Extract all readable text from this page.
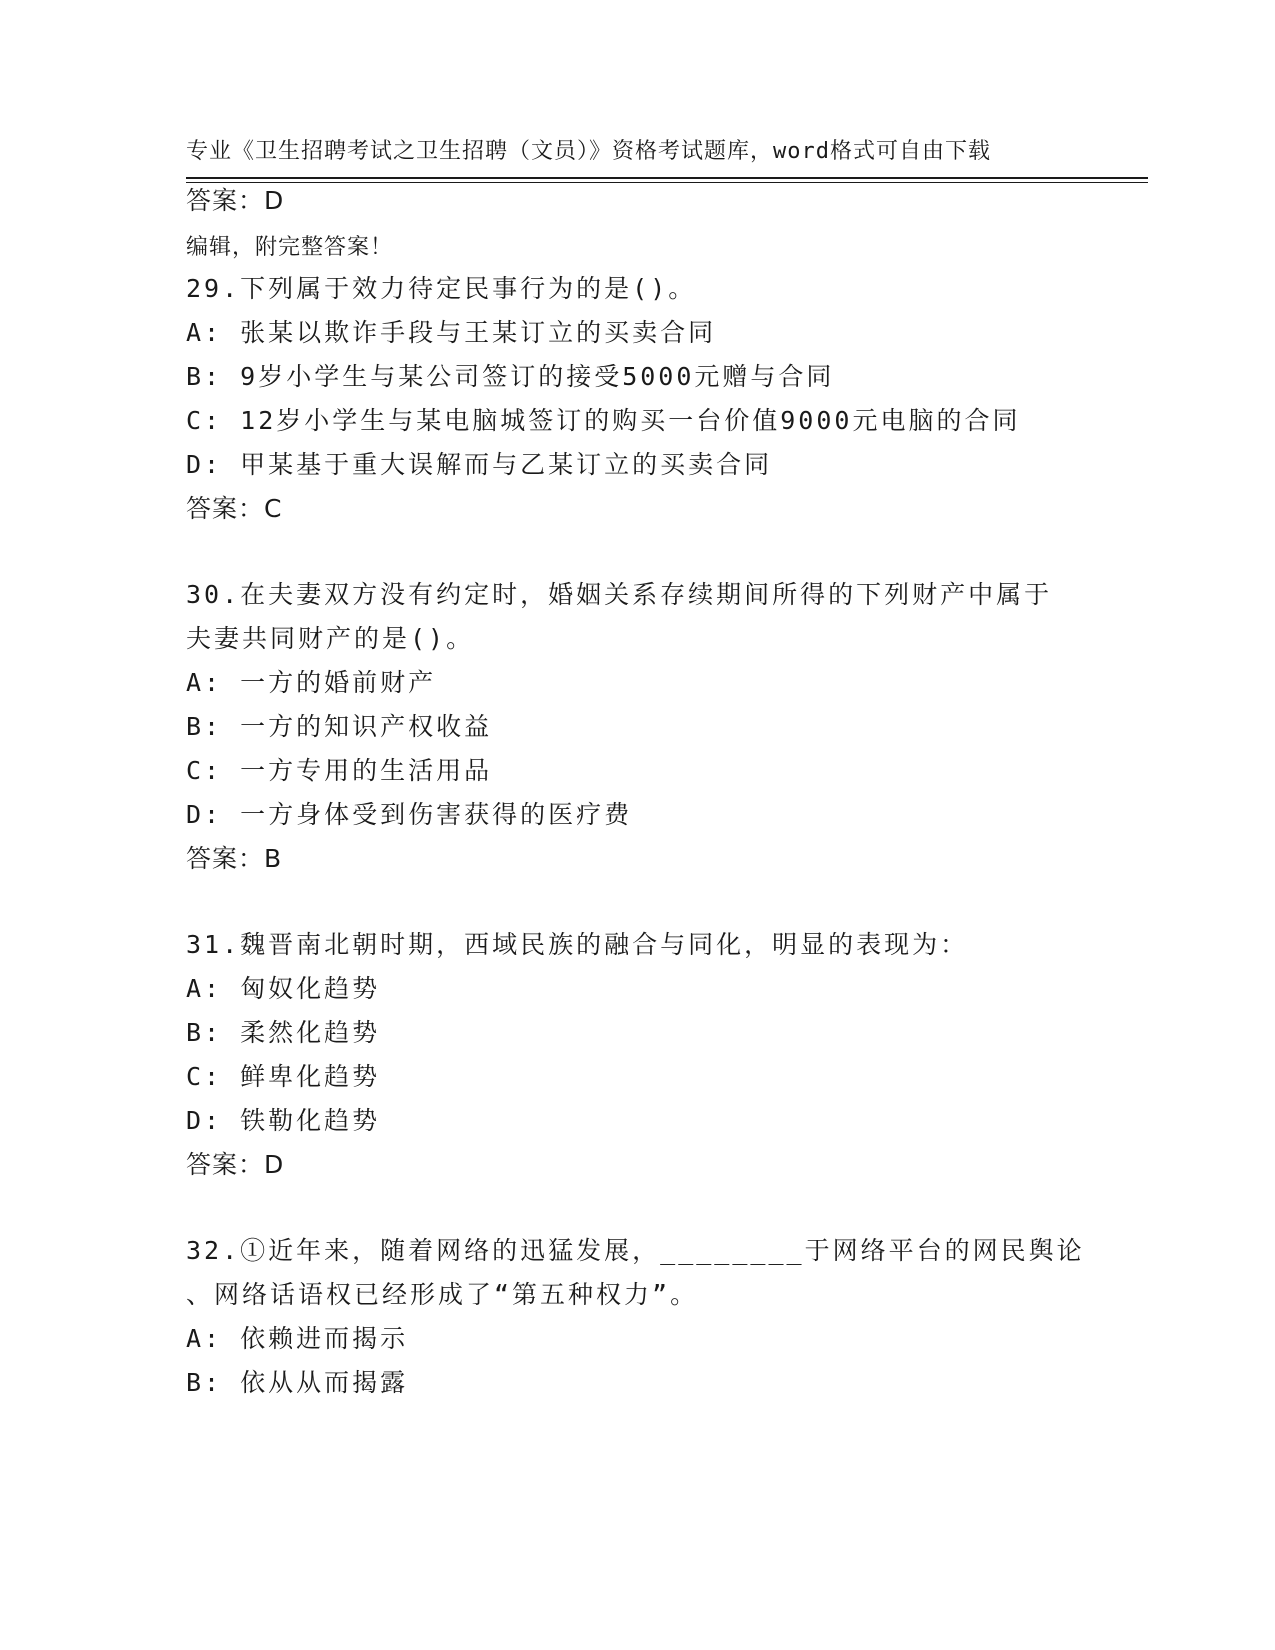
专业《卫生招聘考试之卫生招聘（文员）》资格考试题库，word格式可自由下载

编辑，附完整答案！

答案：D
29.下列属于效力待定民事行为的是()。
A: 张某以欺诈手段与王某订立的买卖合同
B: 9岁小学生与某公司签订的接受5000元赠与合同
C: 12岁小学生与某电脑城签订的购买一台价值9000元电脑的合同
D: 甲某基于重大误解而与乙某订立的买卖合同
答案：C
30.在夫妻双方没有约定时，婚姻关系存续期间所得的下列财产中属于
夫妻共同财产的是()。
A: 一方的婚前财产
B: 一方的知识产权收益
C: 一方专用的生活用品
D: 一方身体受到伤害获得的医疗费
答案：B
31.魏晋南北朝时期，西域民族的融合与同化，明显的表现为：
A: 匈奴化趋势
B: 柔然化趋势
C: 鲜卑化趋势
D: 铁勒化趋势
答案：D
32.①近年来，随着网络的迅猛发展，________于网络平台的网民舆论
、网络话语权已经形成了“第五种权力”。
A: 依赖进而揭示
B: 依从从而揭露
